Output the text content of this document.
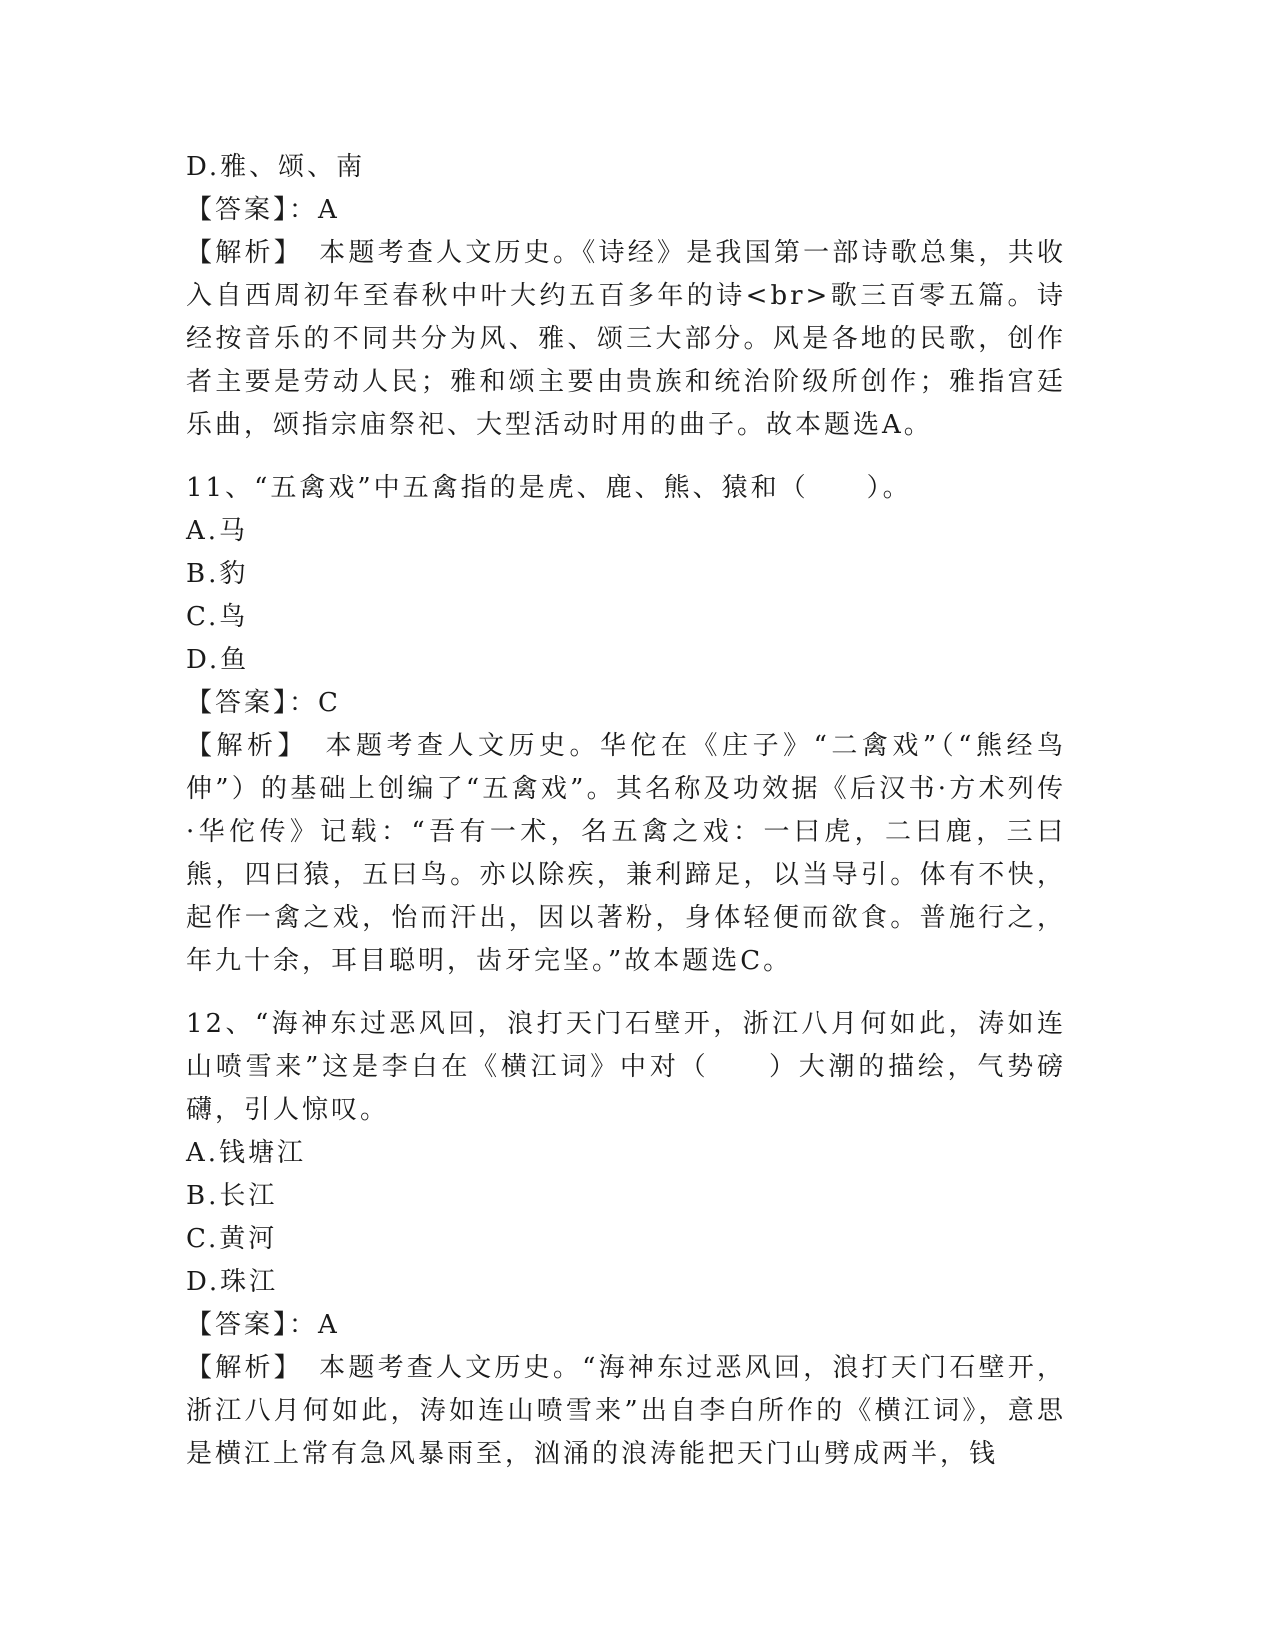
D.雅、颂、南
【答案】：A
【解析】　本题考查人文历史。《诗经》是我国第一部诗歌总集，共收入自西周初年至春秋中叶大约五百多年的诗<br>歌三百零五篇。诗经按音乐的不同共分为风、雅、颂三大部分。风是各地的民歌，创作者主要是劳动人民；雅和颂主要由贵族和统治阶级所创作；雅指宫廷乐曲，颂指宗庙祭祀、大型活动时用的曲子。故本题选A。
11、“五禽戏”中五禽指的是虎、鹿、熊、猿和（　　）。
A.马
B.豹
C.鸟
D.鱼
【答案】：C
【解析】　本题考查人文历史。华佗在《庄子》“二禽戏”（“熊经鸟伸”）的基础上创编了“五禽戏”。其名称及功效据《后汉书·方术列传·华佗传》记载：“吾有一术，名五禽之戏：一曰虎，二曰鹿，三曰熊，四曰猿，五曰鸟。亦以除疾，兼利蹄足，以当导引。体有不快，起作一禽之戏，怡而汗出，因以著粉，身体轻便而欲食。普施行之，年九十余，耳目聪明，齿牙完坚。”故本题选C。
12、“海神东过恶风回，浪打天门石壁开，浙江八月何如此，涛如连山喷雪来”这是李白在《横江词》中对（　　）大潮的描绘，气势磅礴，引人惊叹。
A.钱塘江
B.长江
C.黄河
D.珠江
【答案】：A
【解析】　本题考查人文历史。“海神东过恶风回，浪打天门石壁开，浙江八月何如此，涛如连山喷雪来”出自李白所作的《横江词》，意思是横江上常有急风暴雨至，汹涌的浪涛能把天门山劈成两半，钱
